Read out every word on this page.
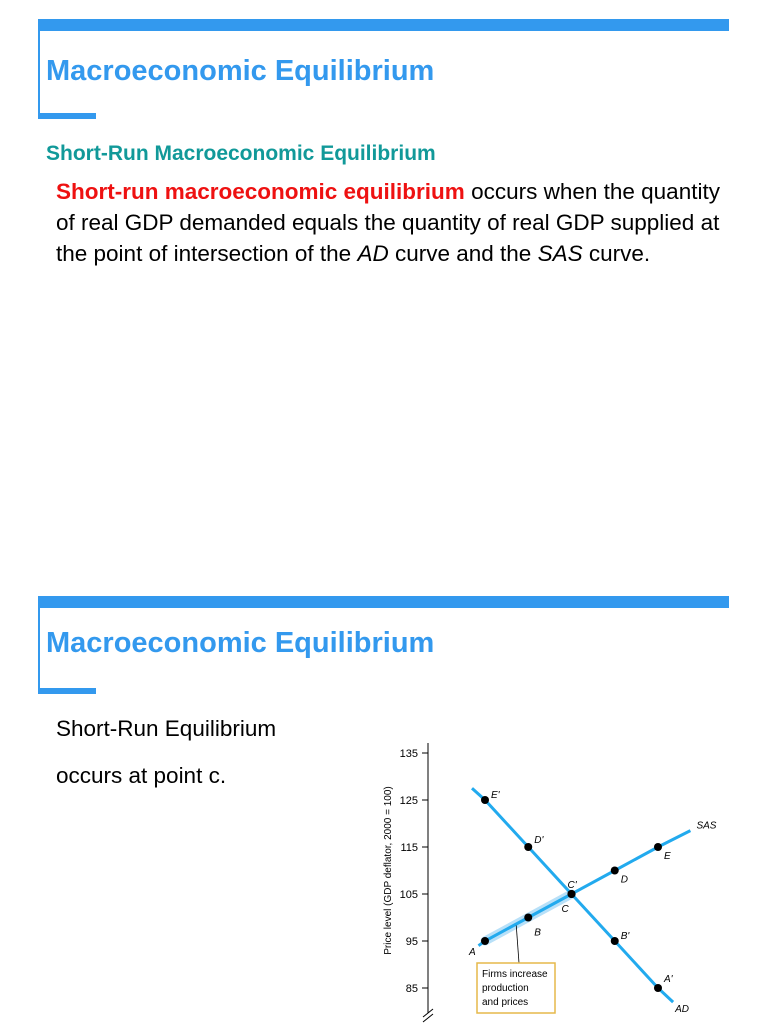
Macroeconomic Equilibrium
Short-Run Macroeconomic Equilibrium

Short-run macroeconomic equilibrium occurs when the quantity of real GDP demanded equals the quantity of real GDP supplied at the point of intersection of the AD curve and the SAS curve.

Macroeconomic Equilibrium

Short-Run Equilibrium

occurs at point c.

85
95
105
115
125
135
Price level (GDP deflator, 2000 = 100)	SAS
AD
A
B
C
D
E
E'
D'
C'
B'
A'
Firms increase
production
and prices
